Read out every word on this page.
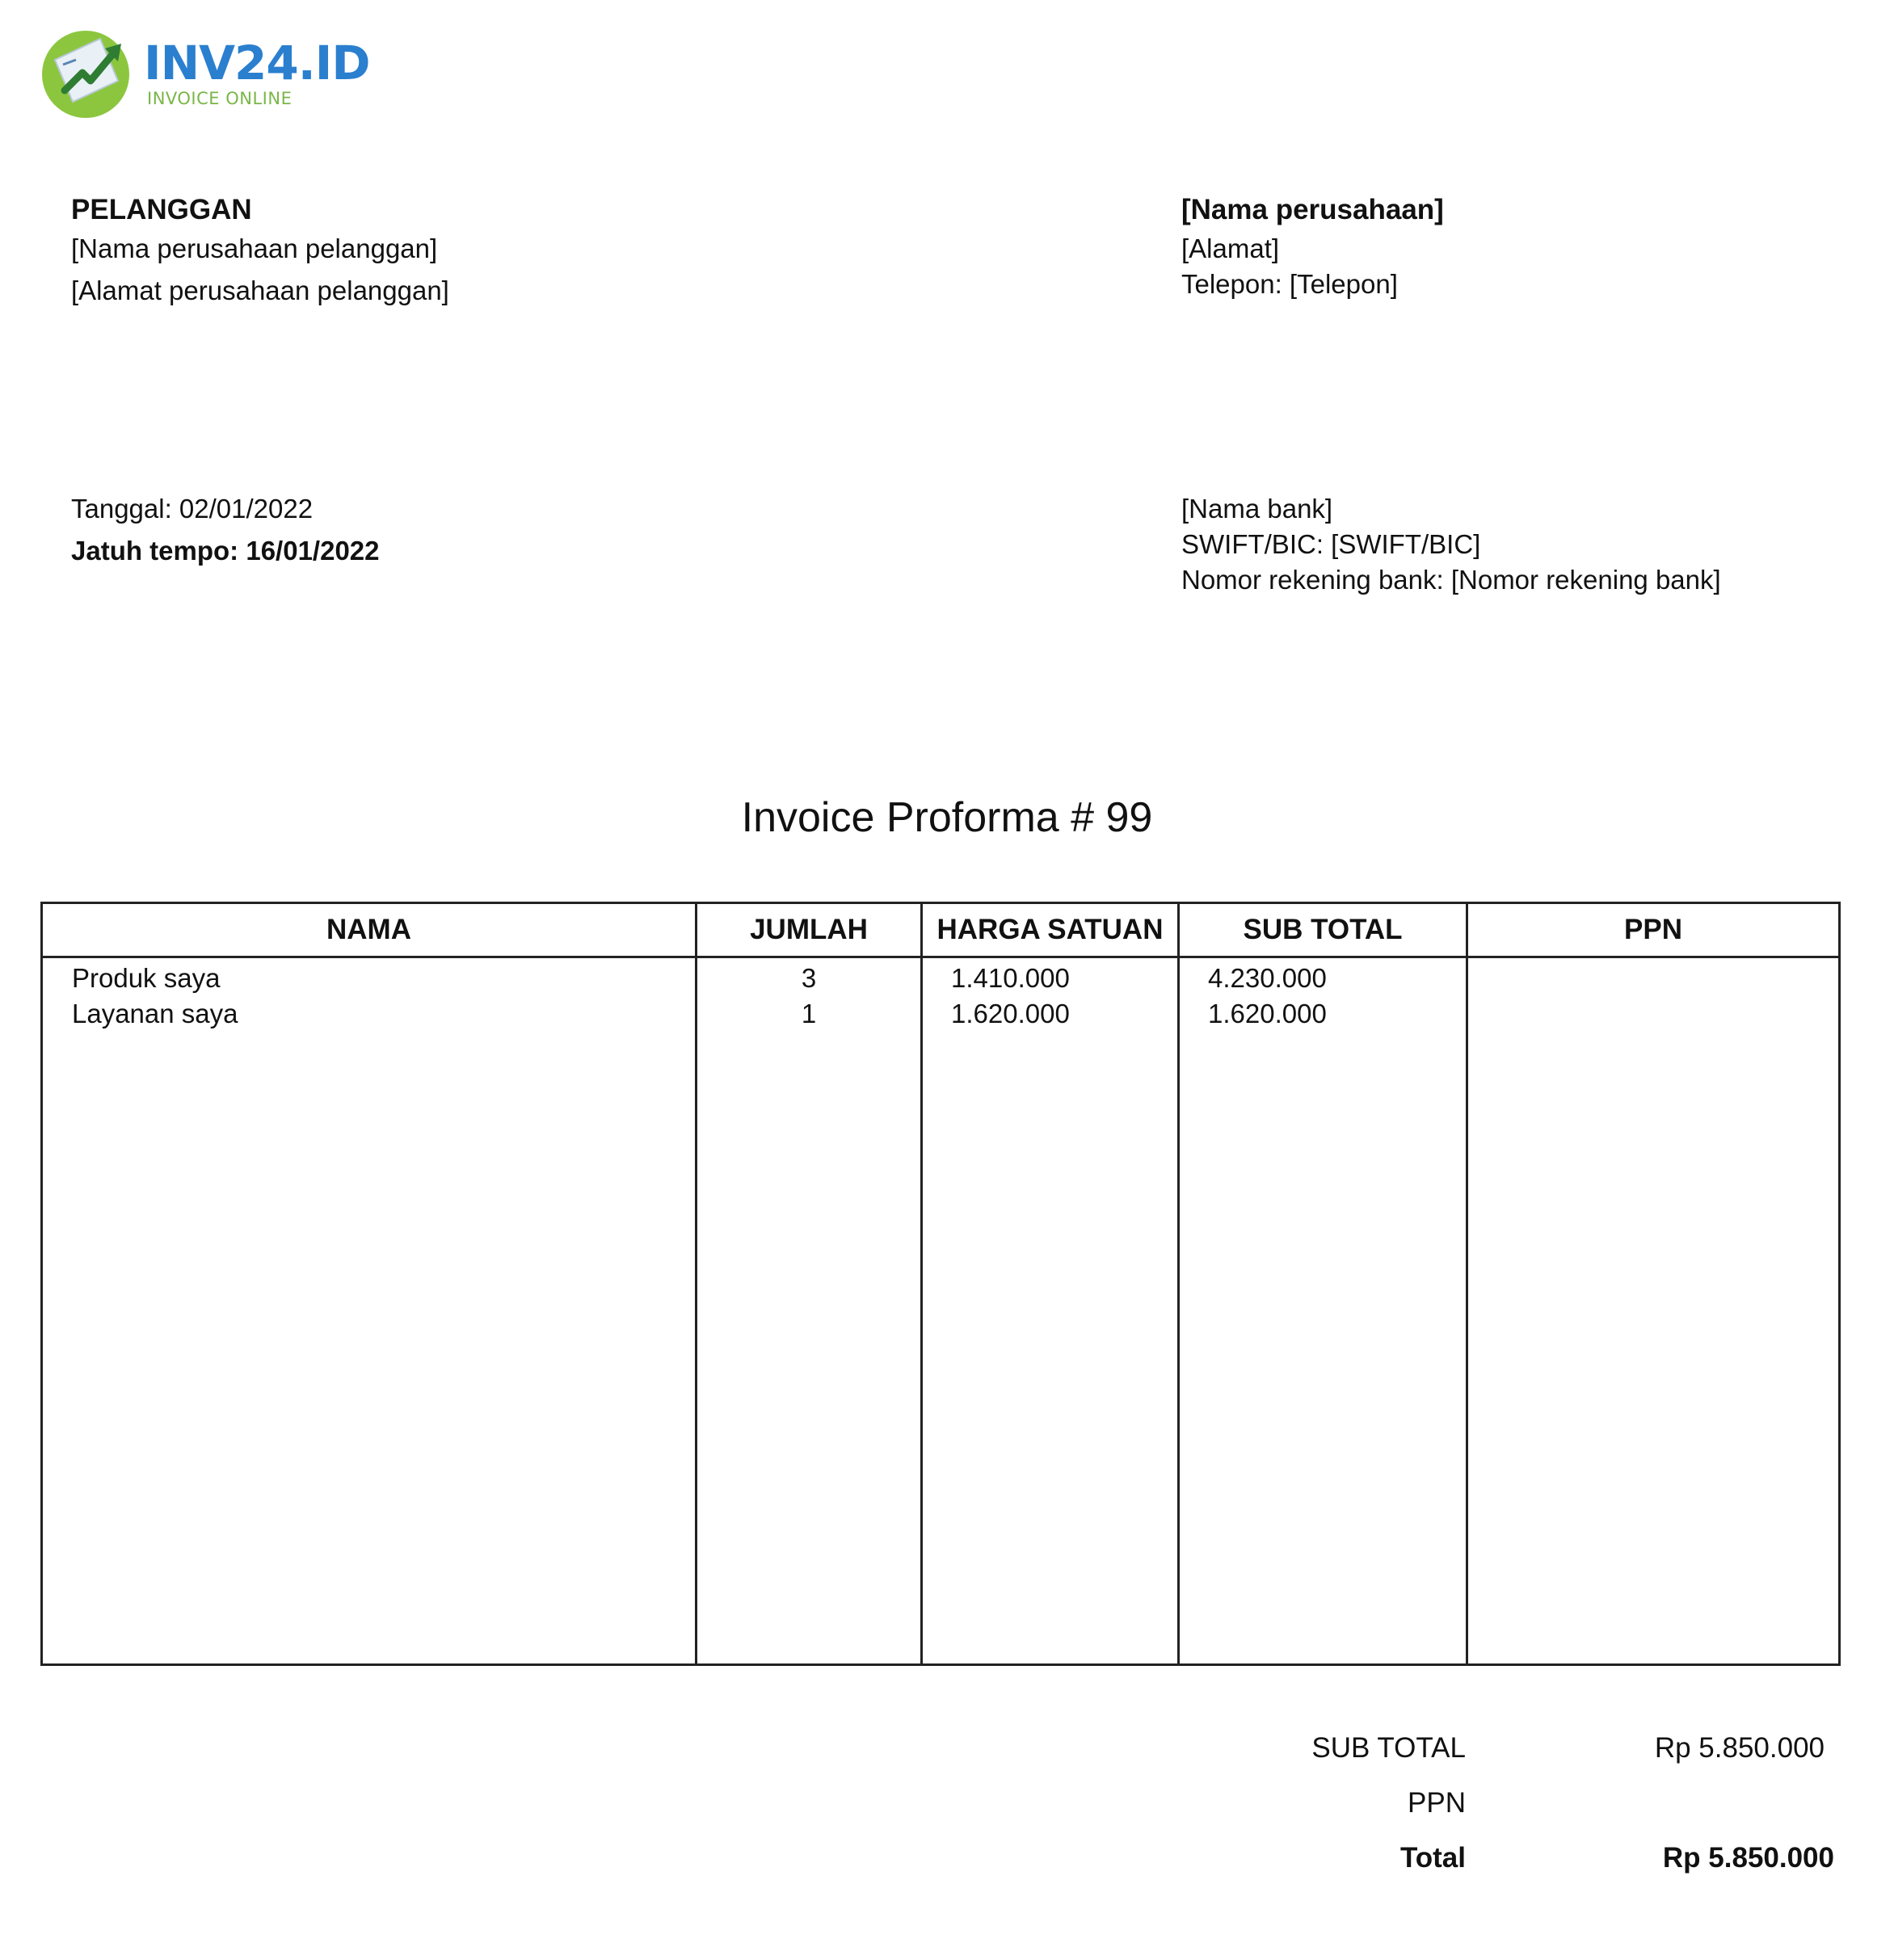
INV24.ID
INVOICE ONLINE
PELANGGAN
[Nama perusahaan pelanggan]
[Alamat perusahaan pelanggan]
[Nama perusahaan]
[Alamat]
Telepon: [Telepon]
Tanggal: 02/01/2022
Jatuh tempo: 16/01/2022
[Nama bank]
SWIFT/BIC: [SWIFT/BIC]
Nomor rekening bank: [Nomor rekening bank]
Invoice Proforma # 99
NAMA	JUMLAH	HARGA SATUAN	SUB TOTAL	PPN
Produk saya	3	1.410.000	4.230.000
Layanan saya	1	1.620.000	1.620.000
SUB TOTAL	Rp 5.850.000
PPN
Total	Rp 5.850.000
